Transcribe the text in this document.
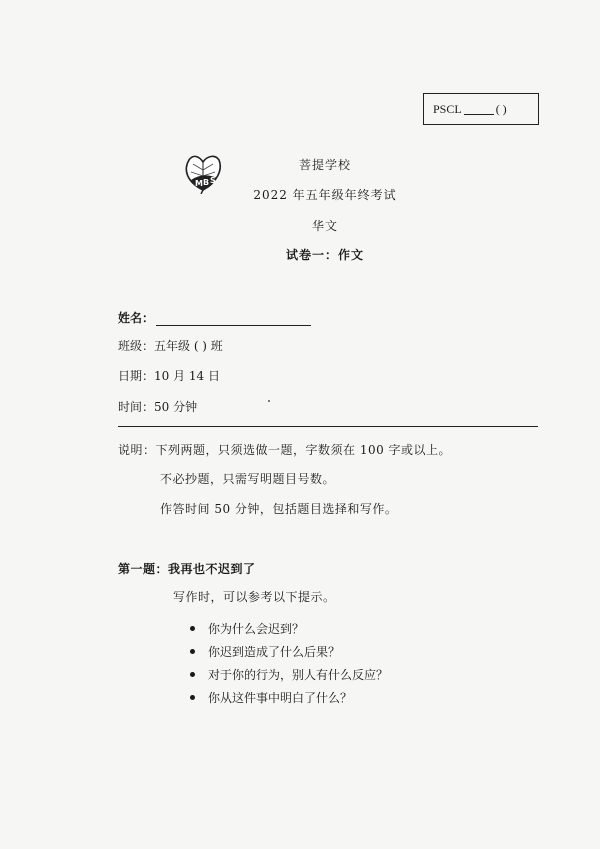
PSCL	( )
M B S
菩提学校
2022 年五年级年终考试
华文
试卷一：作文
姓名：
班级：五年级 ( ) 班
日期：10 月 14 日
时间：50 分钟
说明：下列两题，只须选做一题，字数须在 100 字或以上。
不必抄题，只需写明题目号数。
作答时间 50 分钟，包括题目选择和写作。
第一题：我再也不迟到了
写作时，可以参考以下提示。
你为什么会迟到？
你迟到造成了什么后果？
对于你的行为，别人有什么反应？
你从这件事中明白了什么？
